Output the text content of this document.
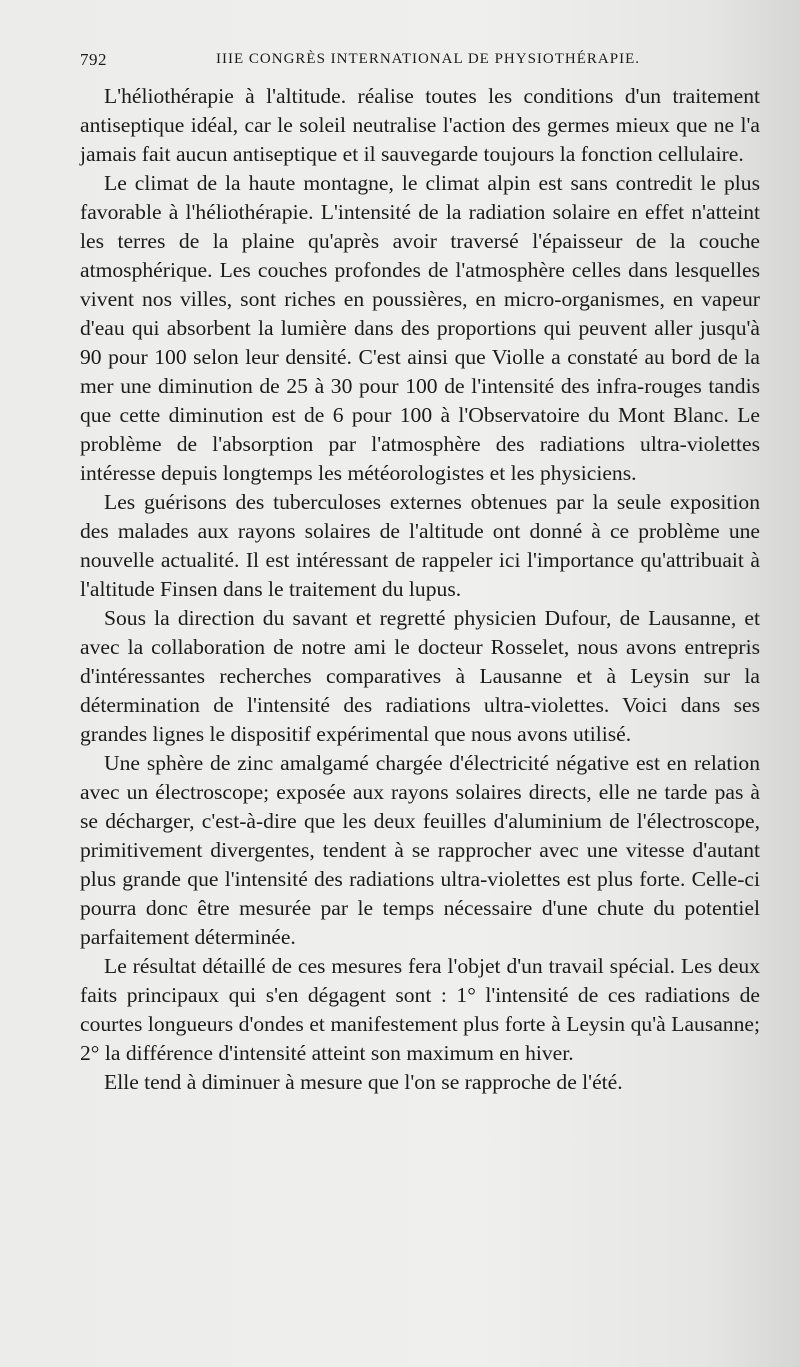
792	IIIE CONGRÈS INTERNATIONAL DE PHYSIOTHÉRAPIE.

L'héliothérapie à l'altitude. réalise toutes les conditions d'un traitement antiseptique idéal, car le soleil neutralise l'action des germes mieux que ne l'a jamais fait aucun antiseptique et il sauvegarde toujours la fonction cellulaire.

Le climat de la haute montagne, le climat alpin est sans contredit le plus favorable à l'héliothérapie. L'intensité de la radiation solaire en effet n'atteint les terres de la plaine qu'après avoir traversé l'épaisseur de la couche atmosphérique. Les couches profondes de l'atmosphère celles dans lesquelles vivent nos villes, sont riches en poussières, en micro-organismes, en vapeur d'eau qui absorbent la lumière dans des proportions qui peuvent aller jusqu'à 90 pour 100 selon leur densité. C'est ainsi que Violle a constaté au bord de la mer une diminution de 25 à 30 pour 100 de l'intensité des infra-rouges tandis que cette diminution est de 6 pour 100 à l'Observatoire du Mont Blanc. Le problème de l'absorption par l'atmosphère des radiations ultra-violettes intéresse depuis longtemps les météorologistes et les physiciens.

Les guérisons des tuberculoses externes obtenues par la seule exposition des malades aux rayons solaires de l'altitude ont donné à ce problème une nouvelle actualité. Il est intéressant de rappeler ici l'importance qu'attribuait à l'altitude Finsen dans le traitement du lupus.

Sous la direction du savant et regretté physicien Dufour, de Lausanne, et avec la collaboration de notre ami le docteur Rosselet, nous avons entrepris d'intéressantes recherches comparatives à Lausanne et à Leysin sur la détermination de l'intensité des radiations ultra-violettes. Voici dans ses grandes lignes le dispositif expérimental que nous avons utilisé.

Une sphère de zinc amalgamé chargée d'électricité négative est en relation avec un électroscope; exposée aux rayons solaires directs, elle ne tarde pas à se décharger, c'est-à-dire que les deux feuilles d'aluminium de l'électroscope, primitivement divergentes, tendent à se rapprocher avec une vitesse d'autant plus grande que l'intensité des radiations ultra-violettes est plus forte. Celle-ci pourra donc être mesurée par le temps nécessaire d'une chute du potentiel parfaitement déterminée.

Le résultat détaillé de ces mesures fera l'objet d'un travail spécial. Les deux faits principaux qui s'en dégagent sont : 1° l'intensité de ces radiations de courtes longueurs d'ondes et manifestement plus forte à Leysin qu'à Lausanne; 2° la différence d'intensité atteint son maximum en hiver.

Elle tend à diminuer à mesure que l'on se rapproche de l'été.
